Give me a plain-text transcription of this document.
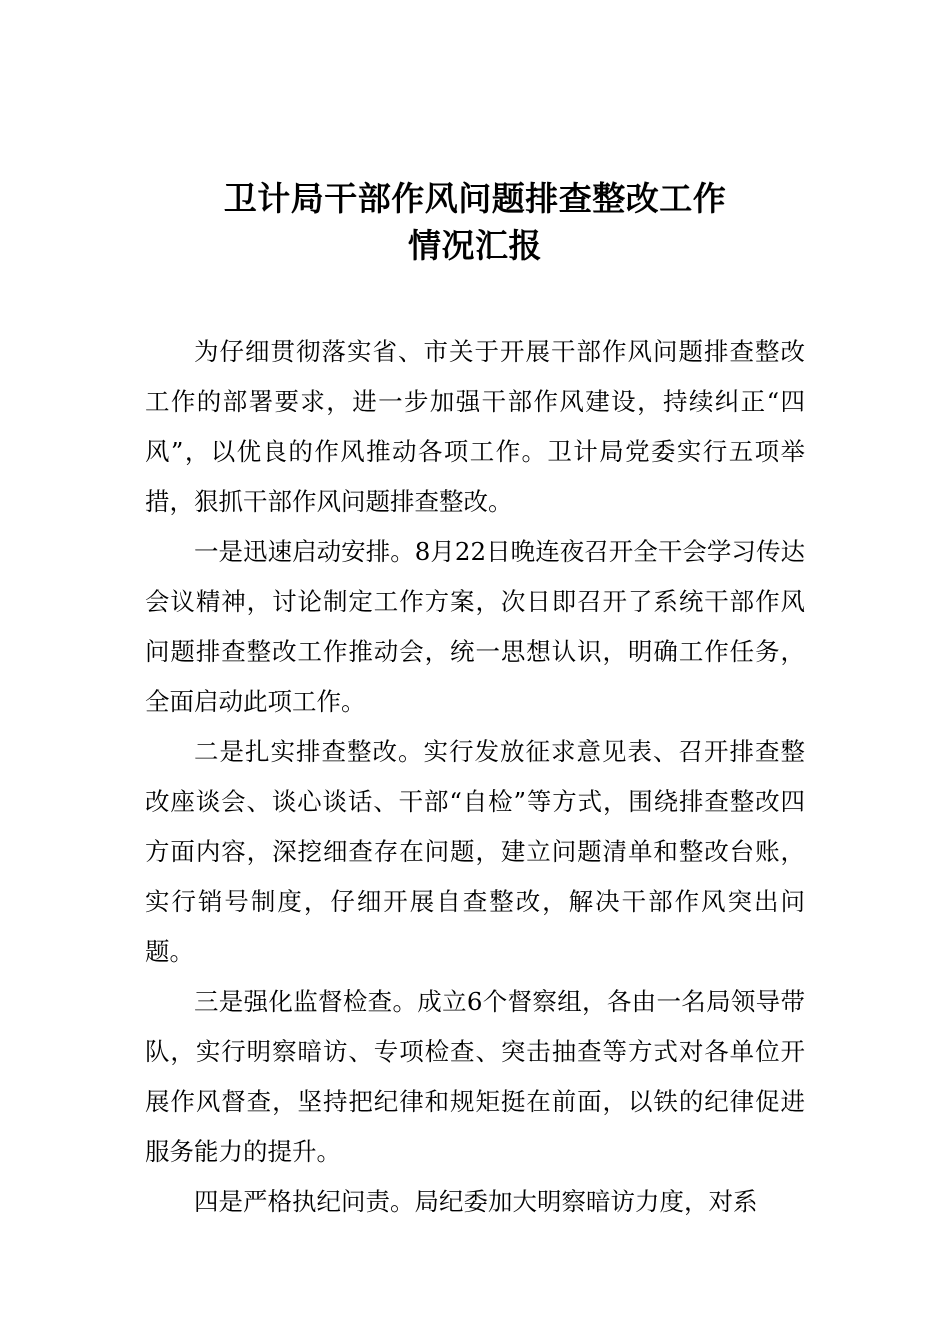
卫计局干部作风问题排查整改工作
情况汇报

为仔细贯彻落实省、市关于开展干部作风问题排查整改工作的部署要求，进一步加强干部作风建设，持续纠正“四风”，以优良的作风推动各项工作。卫计局党委实行五项举措，狠抓干部作风问题排查整改。

一是迅速启动安排。8月22日晚连夜召开全干会学习传达会议精神，讨论制定工作方案，次日即召开了系统干部作风问题排查整改工作推动会，统一思想认识，明确工作任务，全面启动此项工作。

二是扎实排查整改。实行发放征求意见表、召开排查整改座谈会、谈心谈话、干部“自检”等方式，围绕排查整改四方面内容，深挖细查存在问题，建立问题清单和整改台账，实行销号制度，仔细开展自查整改，解决干部作风突出问题。

三是强化监督检查。成立6个督察组，各由一名局领导带队，实行明察暗访、专项检查、突击抽查等方式对各单位开展作风督查，坚持把纪律和规矩挺在前面，以铁的纪律促进服务能力的提升。

四是严格执纪问责。局纪委加大明察暗访力度，对系
